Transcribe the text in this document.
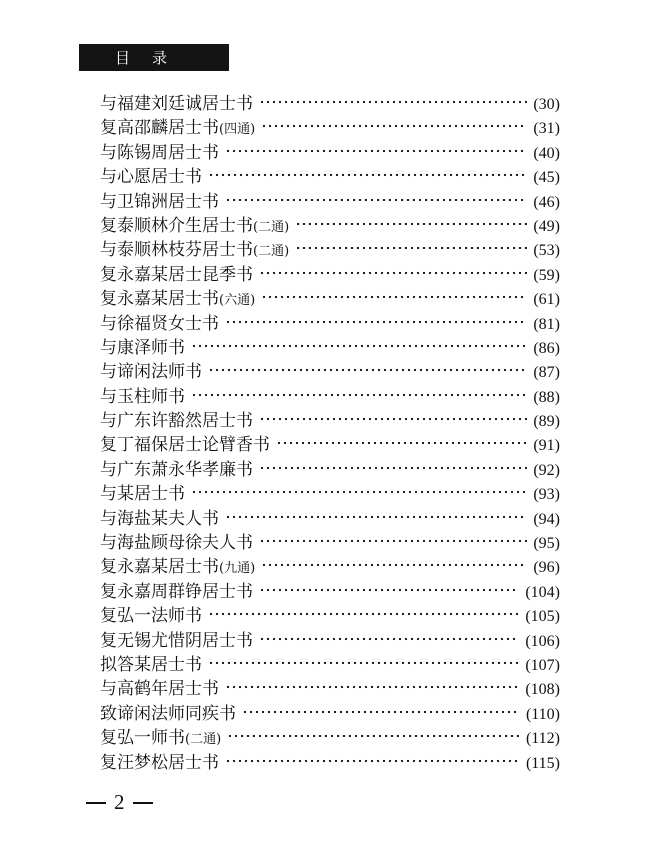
目录
与福建刘廷诚居士书	(30)
复高邵麟居士书 (四通)	(31)
与陈锡周居士书	(40)
与心愿居士书	(45)
与卫锦洲居士书	(46)
复泰顺林介生居士书 (二通)	(49)
与泰顺林枝芬居士书 (二通)	(53)
复永嘉某居士昆季书	(59)
复永嘉某居士书 (六通)	(61)
与徐福贤女士书	(81)
与康泽师书	(86)
与谛闲法师书	(87)
与玉柱师书	(88)
与广东许豁然居士书	(89)
复丁福保居士论臂香书	(91)
与广东萧永华孝廉书	(92)
与某居士书	(93)
与海盐某夫人书	(94)
与海盐顾母徐夫人书	(95)
复永嘉某居士书 (九通)	(96)
复永嘉周群铮居士书	(104)
复弘一法师书	(105)
复无锡尤惜阴居士书	(106)
拟答某居士书	(107)
与高鹤年居士书	(108)
致谛闲法师同疾书	(110)
复弘一师书 (二通)	(112)
复汪梦松居士书	(115)
2
